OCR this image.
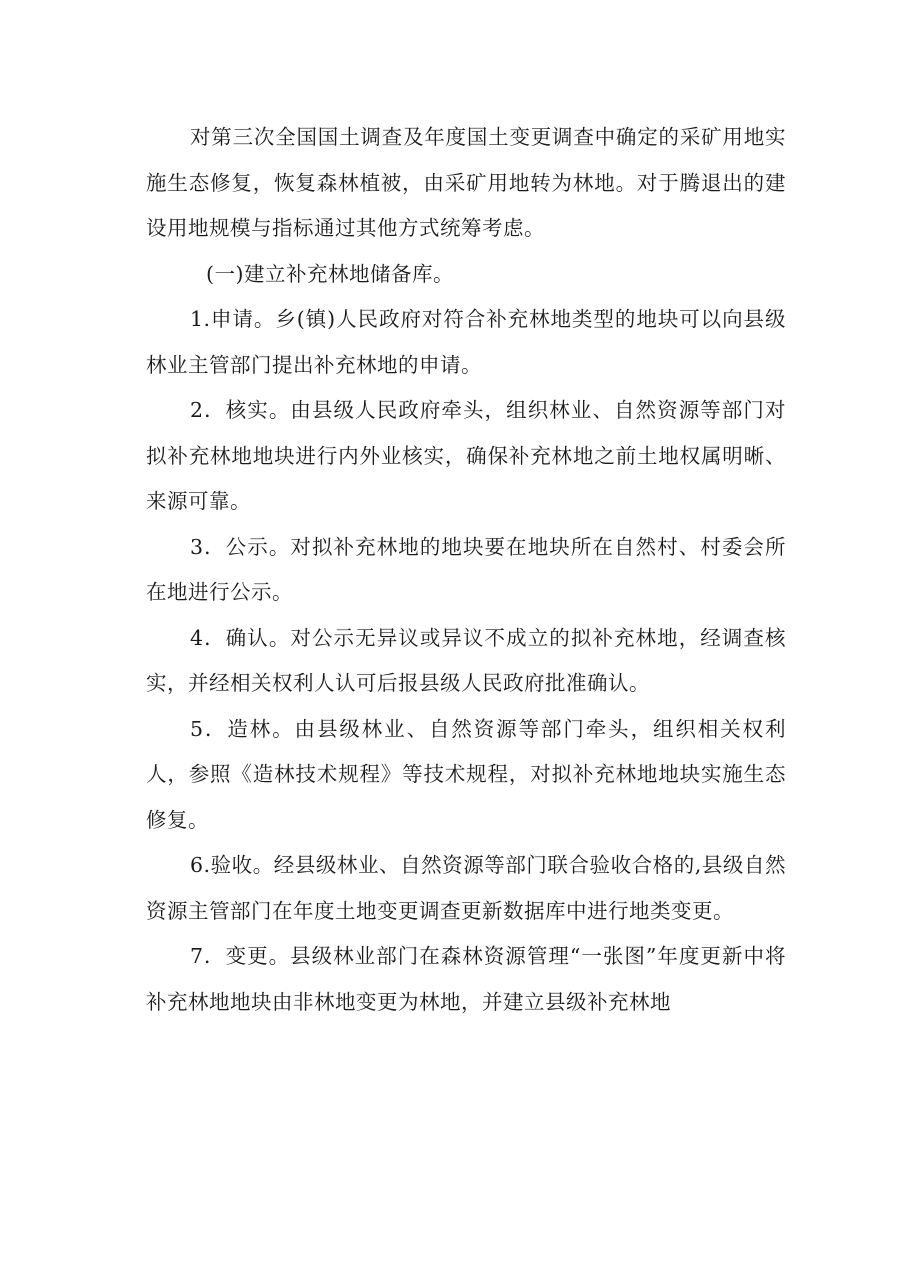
对第三次全国国土调查及年度国土变更调查中确定的采矿用地实施生态修复，恢复森林植被，由采矿用地转为林地。对于腾退出的建设用地规模与指标通过其他方式统筹考虑。

(一)建立补充林地储备库。

1.申请。乡(镇)人民政府对符合补充林地类型的地块可以向县级林业主管部门提出补充林地的申请。

2．核实。由县级人民政府牵头，组织林业、自然资源等部门对拟补充林地地块进行内外业核实，确保补充林地之前土地权属明晰、来源可靠。

3．公示。对拟补充林地的地块要在地块所在自然村、村委会所在地进行公示。

4．确认。对公示无异议或异议不成立的拟补充林地，经调查核实，并经相关权利人认可后报县级人民政府批准确认。

5．造林。由县级林业、自然资源等部门牵头，组织相关权利人，参照《造林技术规程》等技术规程，对拟补充林地地块实施生态修复。

6.验收。经县级林业、自然资源等部门联合验收合格的,县级自然资源主管部门在年度土地变更调查更新数据库中进行地类变更。

7．变更。县级林业部门在森林资源管理“一张图”年度更新中将补充林地地块由非林地变更为林地，并建立县级补充林地
